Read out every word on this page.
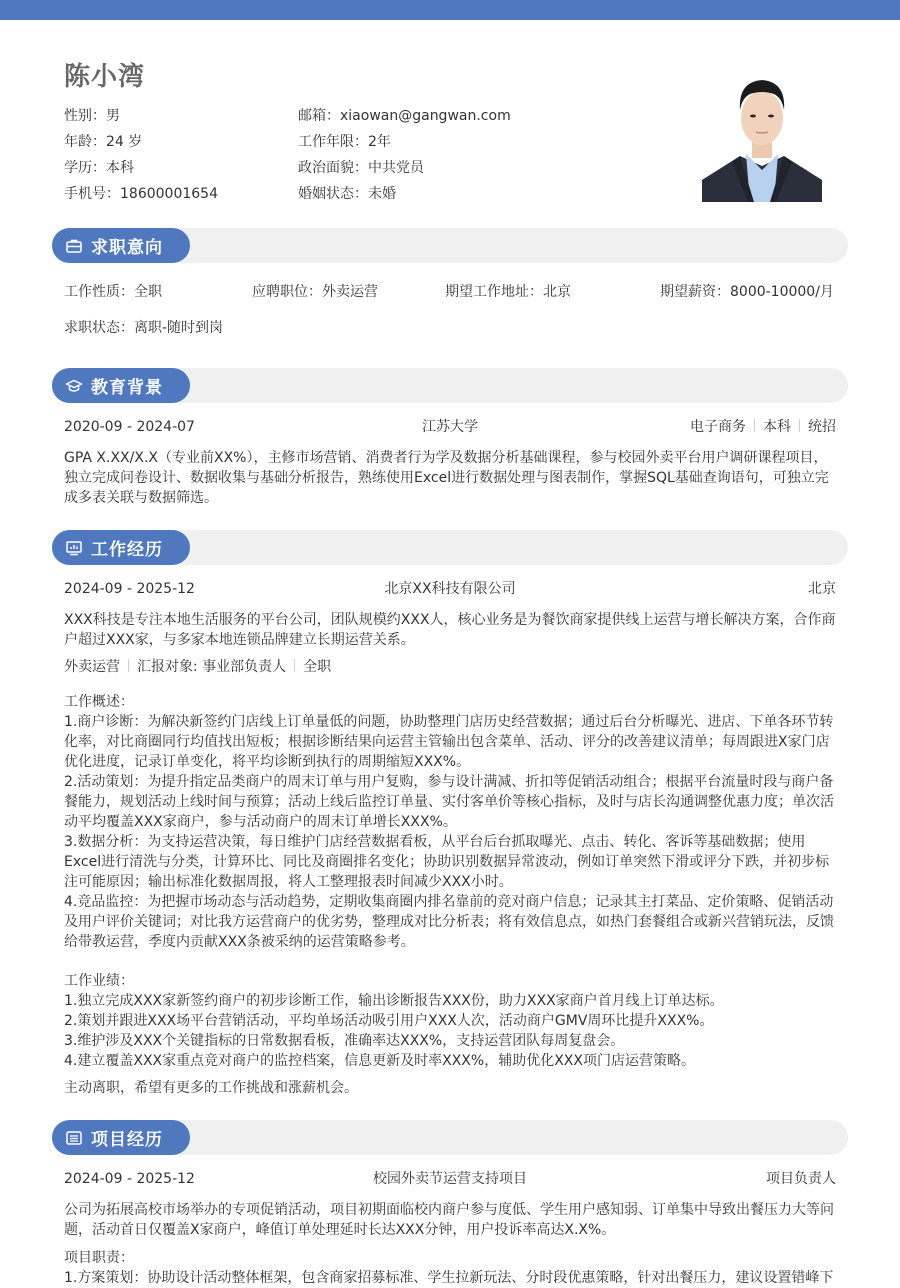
陈小湾
性别：男
年龄：24 岁
学历：本科
手机号：18600001654
邮箱：xiaowan@gangwan.com
工作年限：2年
政治面貌：中共党员
婚姻状态：未婚
求职意向
工作性质：全职	应聘职位：外卖运营	期望工作地址：北京	期望薪资：8000-10000/月
求职状态：离职-随时到岗
教育背景
2020-09 - 2024-07	江苏大学	电子商务 本科 统招

GPA X.XX/X.X（专业前XX%），主修市场营销、消费者行为学及数据分析基础课程，参与校园外卖平台用户调研课程项目，

独立完成问卷设计、数据收集与基础分析报告，熟练使用Excel进行数据处理与图表制作，掌握SQL基础查询语句，可独立完

成多表关联与数据筛选。

工作经历
2024-09 - 2025-12	北京XX科技有限公司	北京

XXX科技是专注本地生活服务的平台公司，团队规模约XXX人，核心业务是为餐饮商家提供线上运营与增长解决方案，合作商

户超过XXX家，与多家本地连锁品牌建立长期运营关系。

外卖运营 汇报对象: 事业部负责人 全职

工作概述：

1.商户诊断：为解决新签约门店线上订单量低的问题，协助整理门店历史经营数据；通过后台分析曝光、进店、下单各环节转

化率，对比商圈同行均值找出短板；根据诊断结果向运营主管输出包含菜单、活动、评分的改善建议清单；每周跟进X家门店

优化进度，记录订单变化，将平均诊断到执行的周期缩短XXX%。

2.活动策划：为提升指定品类商户的周末订单与用户复购，参与设计满减、折扣等促销活动组合；根据平台流量时段与商户备

餐能力，规划活动上线时间与预算；活动上线后监控订单量、实付客单价等核心指标，及时与店长沟通调整优惠力度；单次活

动平均覆盖XXX家商户，参与活动商户的周末订单增长XXX%。

3.数据分析：为支持运营决策，每日维护门店经营数据看板，从平台后台抓取曝光、点击、转化、客诉等基础数据；使用

Excel进行清洗与分类，计算环比、同比及商圈排名变化；协助识别数据异常波动，例如订单突然下滑或评分下跌，并初步标

注可能原因；输出标准化数据周报，将人工整理报表时间减少XXX小时。

4.竞品监控：为把握市场动态与活动趋势，定期收集商圈内排名靠前的竞对商户信息；记录其主打菜品、定价策略、促销活动

及用户评价关键词；对比我方运营商户的优劣势，整理成对比分析表；将有效信息点，如热门套餐组合或新兴营销玩法，反馈

给带教运营，季度内贡献XXX条被采纳的运营策略参考。

工作业绩：

1.独立完成XXX家新签约商户的初步诊断工作，输出诊断报告XXX份，助力XXX家商户首月线上订单达标。

2.策划并跟进XXX场平台营销活动，平均单场活动吸引用户XXX人次，活动商户GMV周环比提升XXX%。

3.维护涉及XXX个关键指标的日常数据看板，准确率达XXX%，支持运营团队每周复盘会。

4.建立覆盖XXX家重点竞对商户的监控档案，信息更新及时率XXX%，辅助优化XXX项门店运营策略。

主动离职，希望有更多的工作挑战和涨薪机会。
项目经历
2024-09 - 2025-12	校园外卖节运营支持项目	项目负责人

公司为拓展高校市场举办的专项促销活动，项目初期面临校内商户参与度低、学生用户感知弱、订单集中导致出餐压力大等问

题，活动首日仅覆盖X家商户，峰值订单处理延时长达XXX分钟，用户投诉率高达X.X%。

项目职责：

1.方案策划：协助设计活动整体框架，包含商家招募标准、学生拉新玩法、分时段优惠策略，针对出餐压力，建议设置错峰下
